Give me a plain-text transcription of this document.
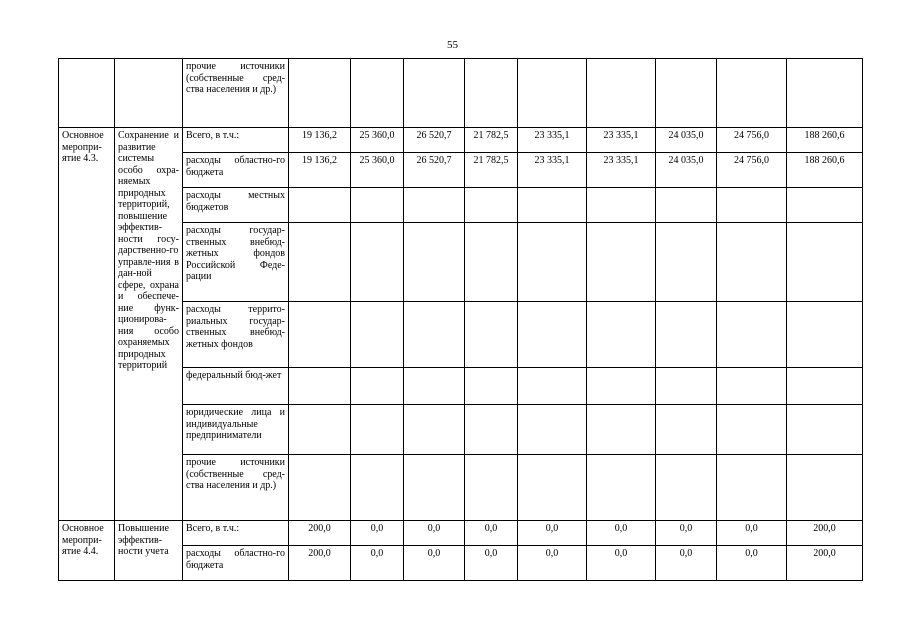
55
		прочие источники (собственные сред-ства населения и др.)									
Основное меропри-ятие 4.3.	Сохранение и развитие системы особо охра-няемых природных территорий, повышение эффектив-ности госу-дарственно-го управле-ния в дан-ной сфере, охрана и обеспече-ние функ-ционирова-ния особо охраняемых природных территорий	Всего, в т.ч.:	19 136,2	25 360,0	26 520,7	21 782,5	23 335,1	23 335,1	24 035,0	24 756,0	188 260,6
		расходы областно-го бюджета	19 136,2	25 360,0	26 520,7	21 782,5	23 335,1	23 335,1	24 035,0	24 756,0	188 260,6
		расходы местных бюджетов									
		расходы государ-ственных внебюд-жетных фондов Российской Феде-рации									
		расходы террито-риальных государ-ственных внебюд-жетных фондов									
		федеральный бюд-жет									
		юридические лица и индивидуальные предприниматели									
		прочие источники (собственные сред-ства населения и др.)									
Основное меропри-ятие 4.4.	Повышение эффектив-ности учета	Всего, в т.ч.:	200,0	0,0	0,0	0,0	0,0	0,0	0,0	0,0	200,0
		расходы областно-го бюджета	200,0	0,0	0,0	0,0	0,0	0,0	0,0	0,0	200,0
